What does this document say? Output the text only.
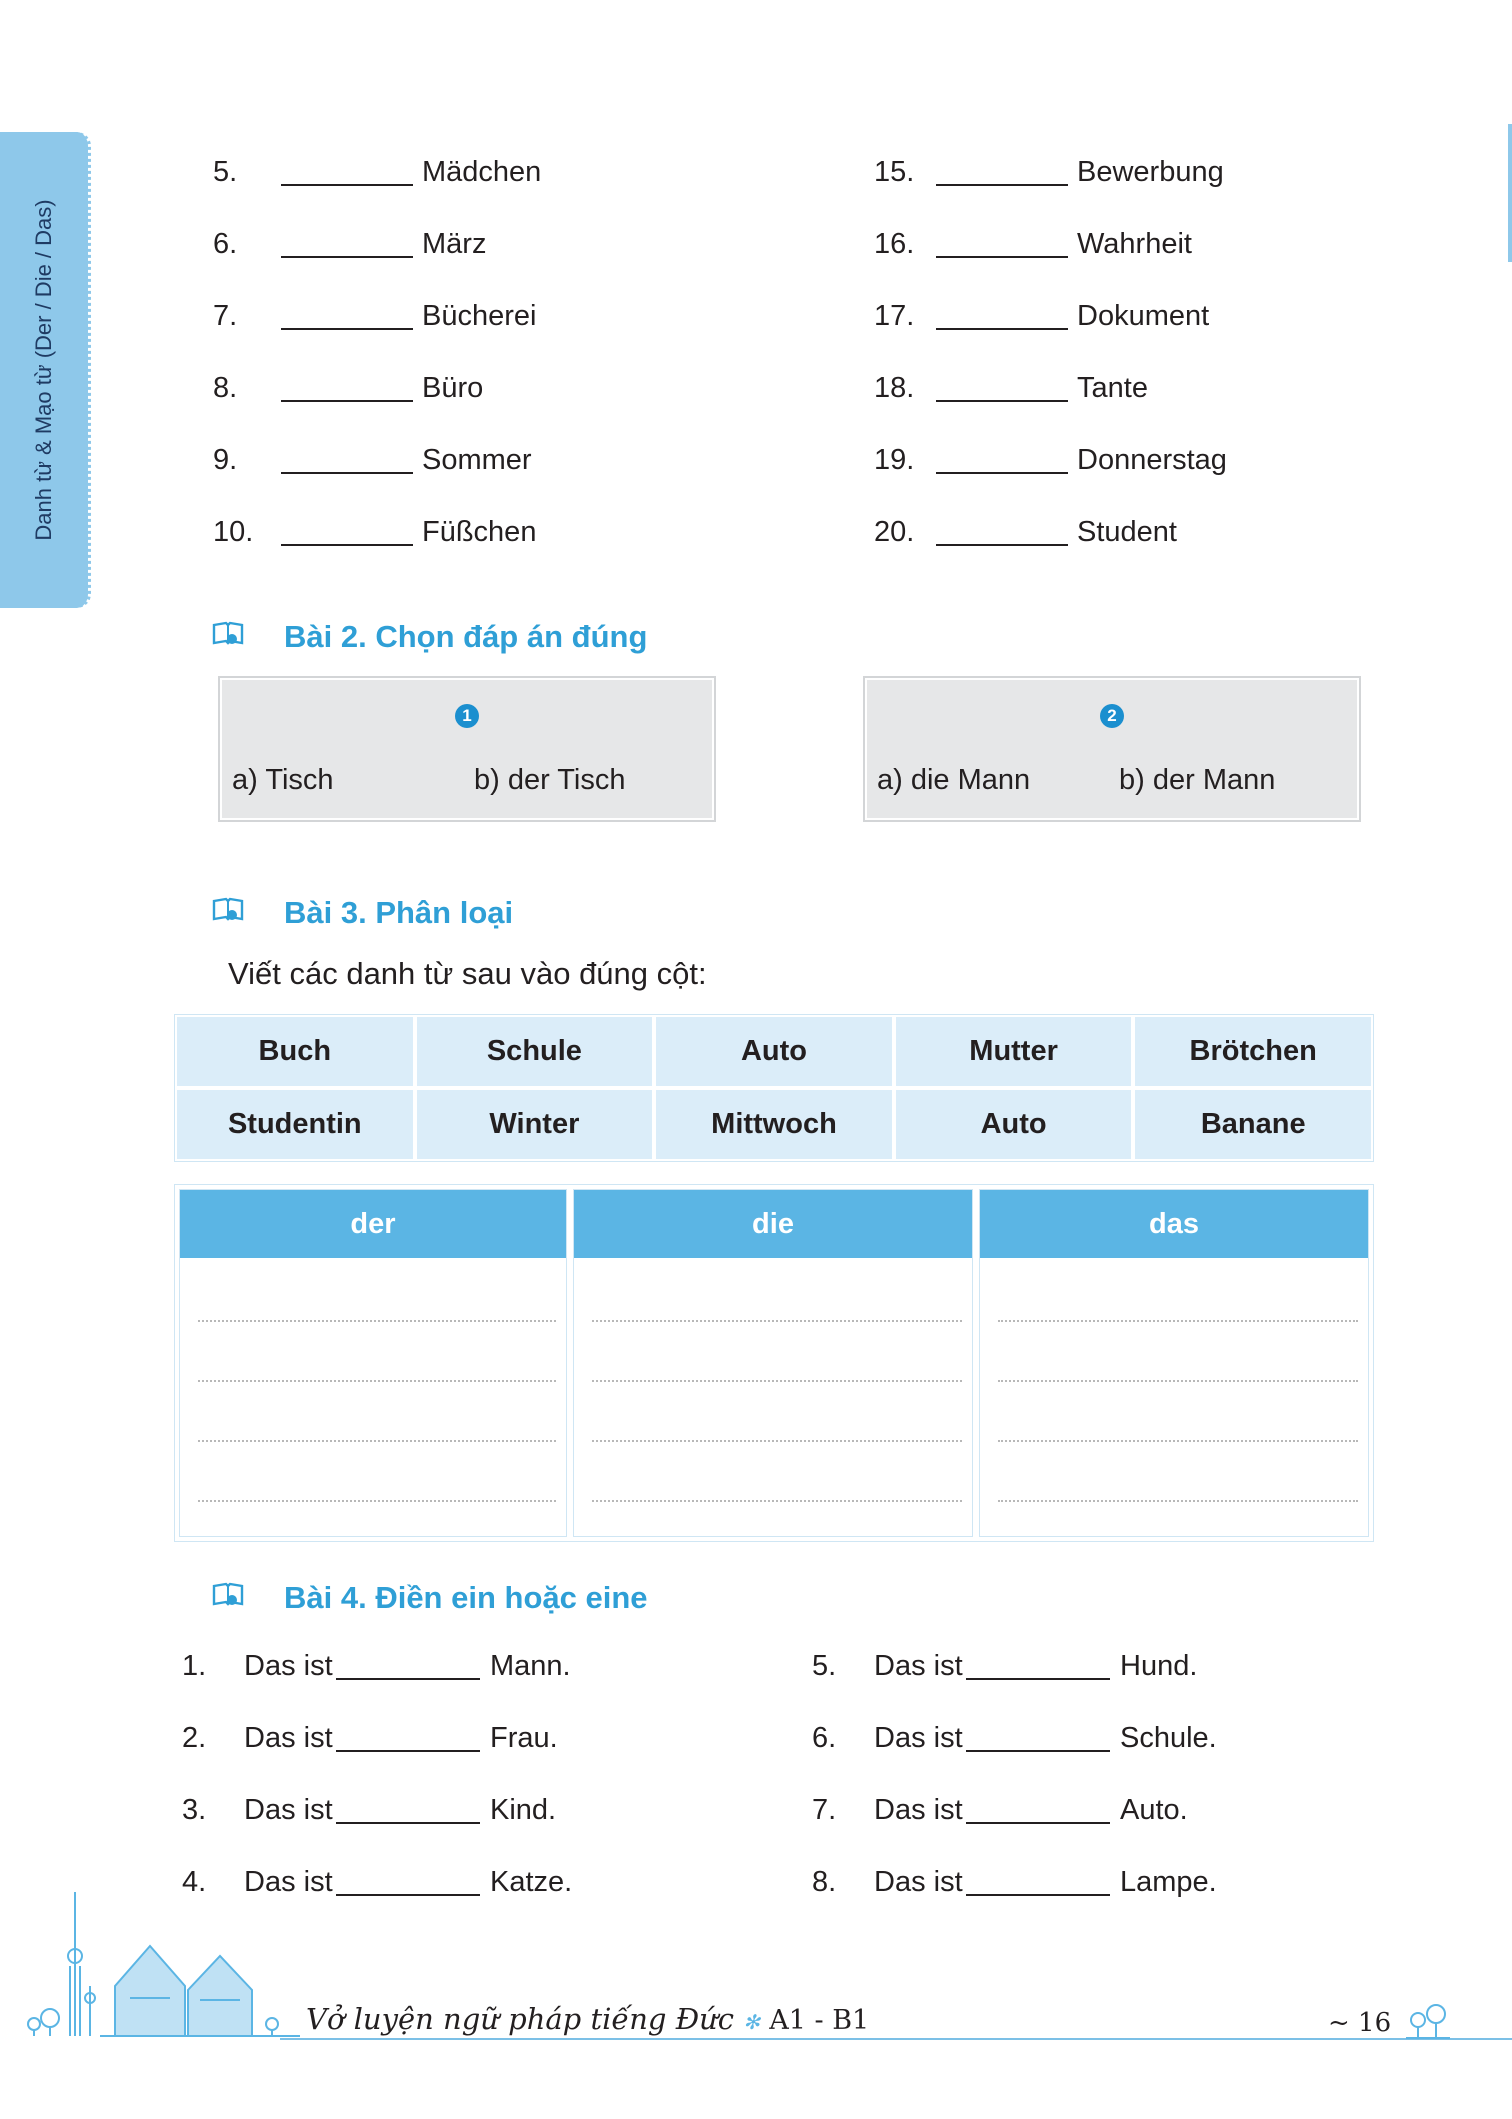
Danh từ & Mạo từ (Der / Die / Das)
5.	Mädchen
6.	März
7.	Bücherei
8.	Büro
9.	Sommer
10.	Füßchen
15.	Bewerbung
16.	Wahrheit
17.	Dokument
18.	Tante
19.	Donnerstag
20.	Student
Bài 2. Chọn đáp án đúng
1
a) Tisch	b) der Tisch
2
a) die Mann	b) der Mann
Bài 3. Phân loại
Viết các danh từ sau vào đúng cột:
Buch	Schule	Auto	Mutter	Brötchen
Studentin	Winter	Mittwoch	Auto	Banane
der	die	das
Bài 4. Điền ein hoặc eine
1. Das ist	Mann.
2. Das ist	Frau.
3. Das ist	Kind.
4. Das ist	Katze.
5. Das ist	Hund.
6. Das ist	Schule.
7. Das ist	Auto.
8. Das ist	Lampe.
Vở luyện ngữ pháp tiếng Đức ✻ A1 - B1	~ 16
